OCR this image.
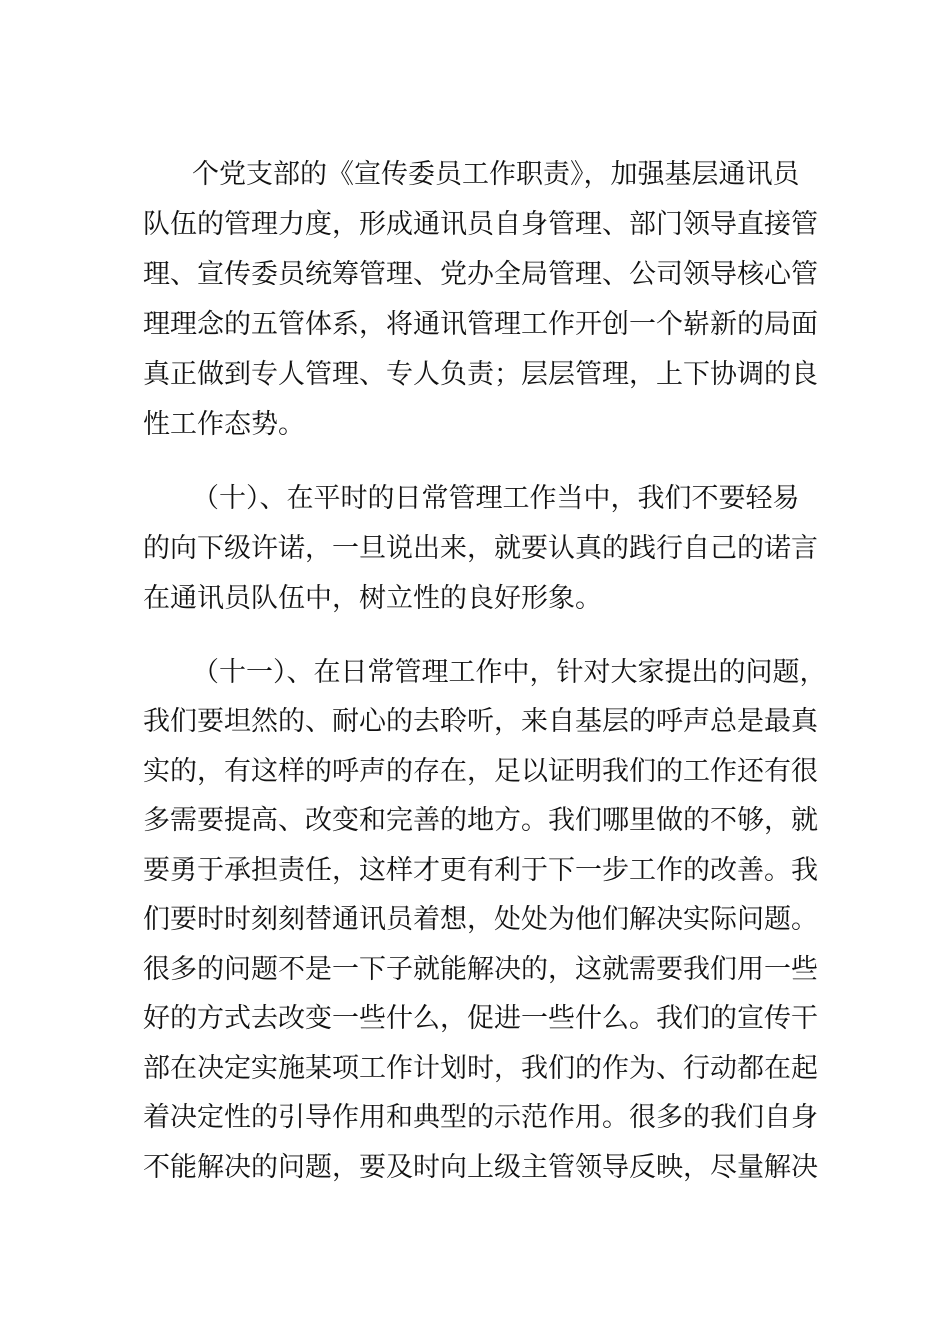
个党支部的《宣传委员工作职责》，加强基层通讯员

队伍的管理力度，形成通讯员自身管理、部门领导直接管

理、宣传委员统筹管理、党办全局管理、公司领导核心管

理理念的五管体系，将通讯管理工作开创一个崭新的局面

真正做到专人管理、专人负责；层层管理，上下协调的良

性工作态势。

（十）、在平时的日常管理工作当中，我们不要轻易

的向下级许诺，一旦说出来，就要认真的践行自己的诺言

在通讯员队伍中，树立性的良好形象。

（十一）、在日常管理工作中，针对大家提出的问题，

我们要坦然的、耐心的去聆听，来自基层的呼声总是最真

实的，有这样的呼声的存在，足以证明我们的工作还有很

多需要提高、改变和完善的地方。我们哪里做的不够，就

要勇于承担责任，这样才更有利于下一步工作的改善。我

们要时时刻刻替通讯员着想，处处为他们解决实际问题。

很多的问题不是一下子就能解决的，这就需要我们用一些

好的方式去改变一些什么，促进一些什么。我们的宣传干

部在决定实施某项工作计划时，我们的作为、行动都在起

着决定性的引导作用和典型的示范作用。很多的我们自身

不能解决的问题，要及时向上级主管领导反映，尽量解决
